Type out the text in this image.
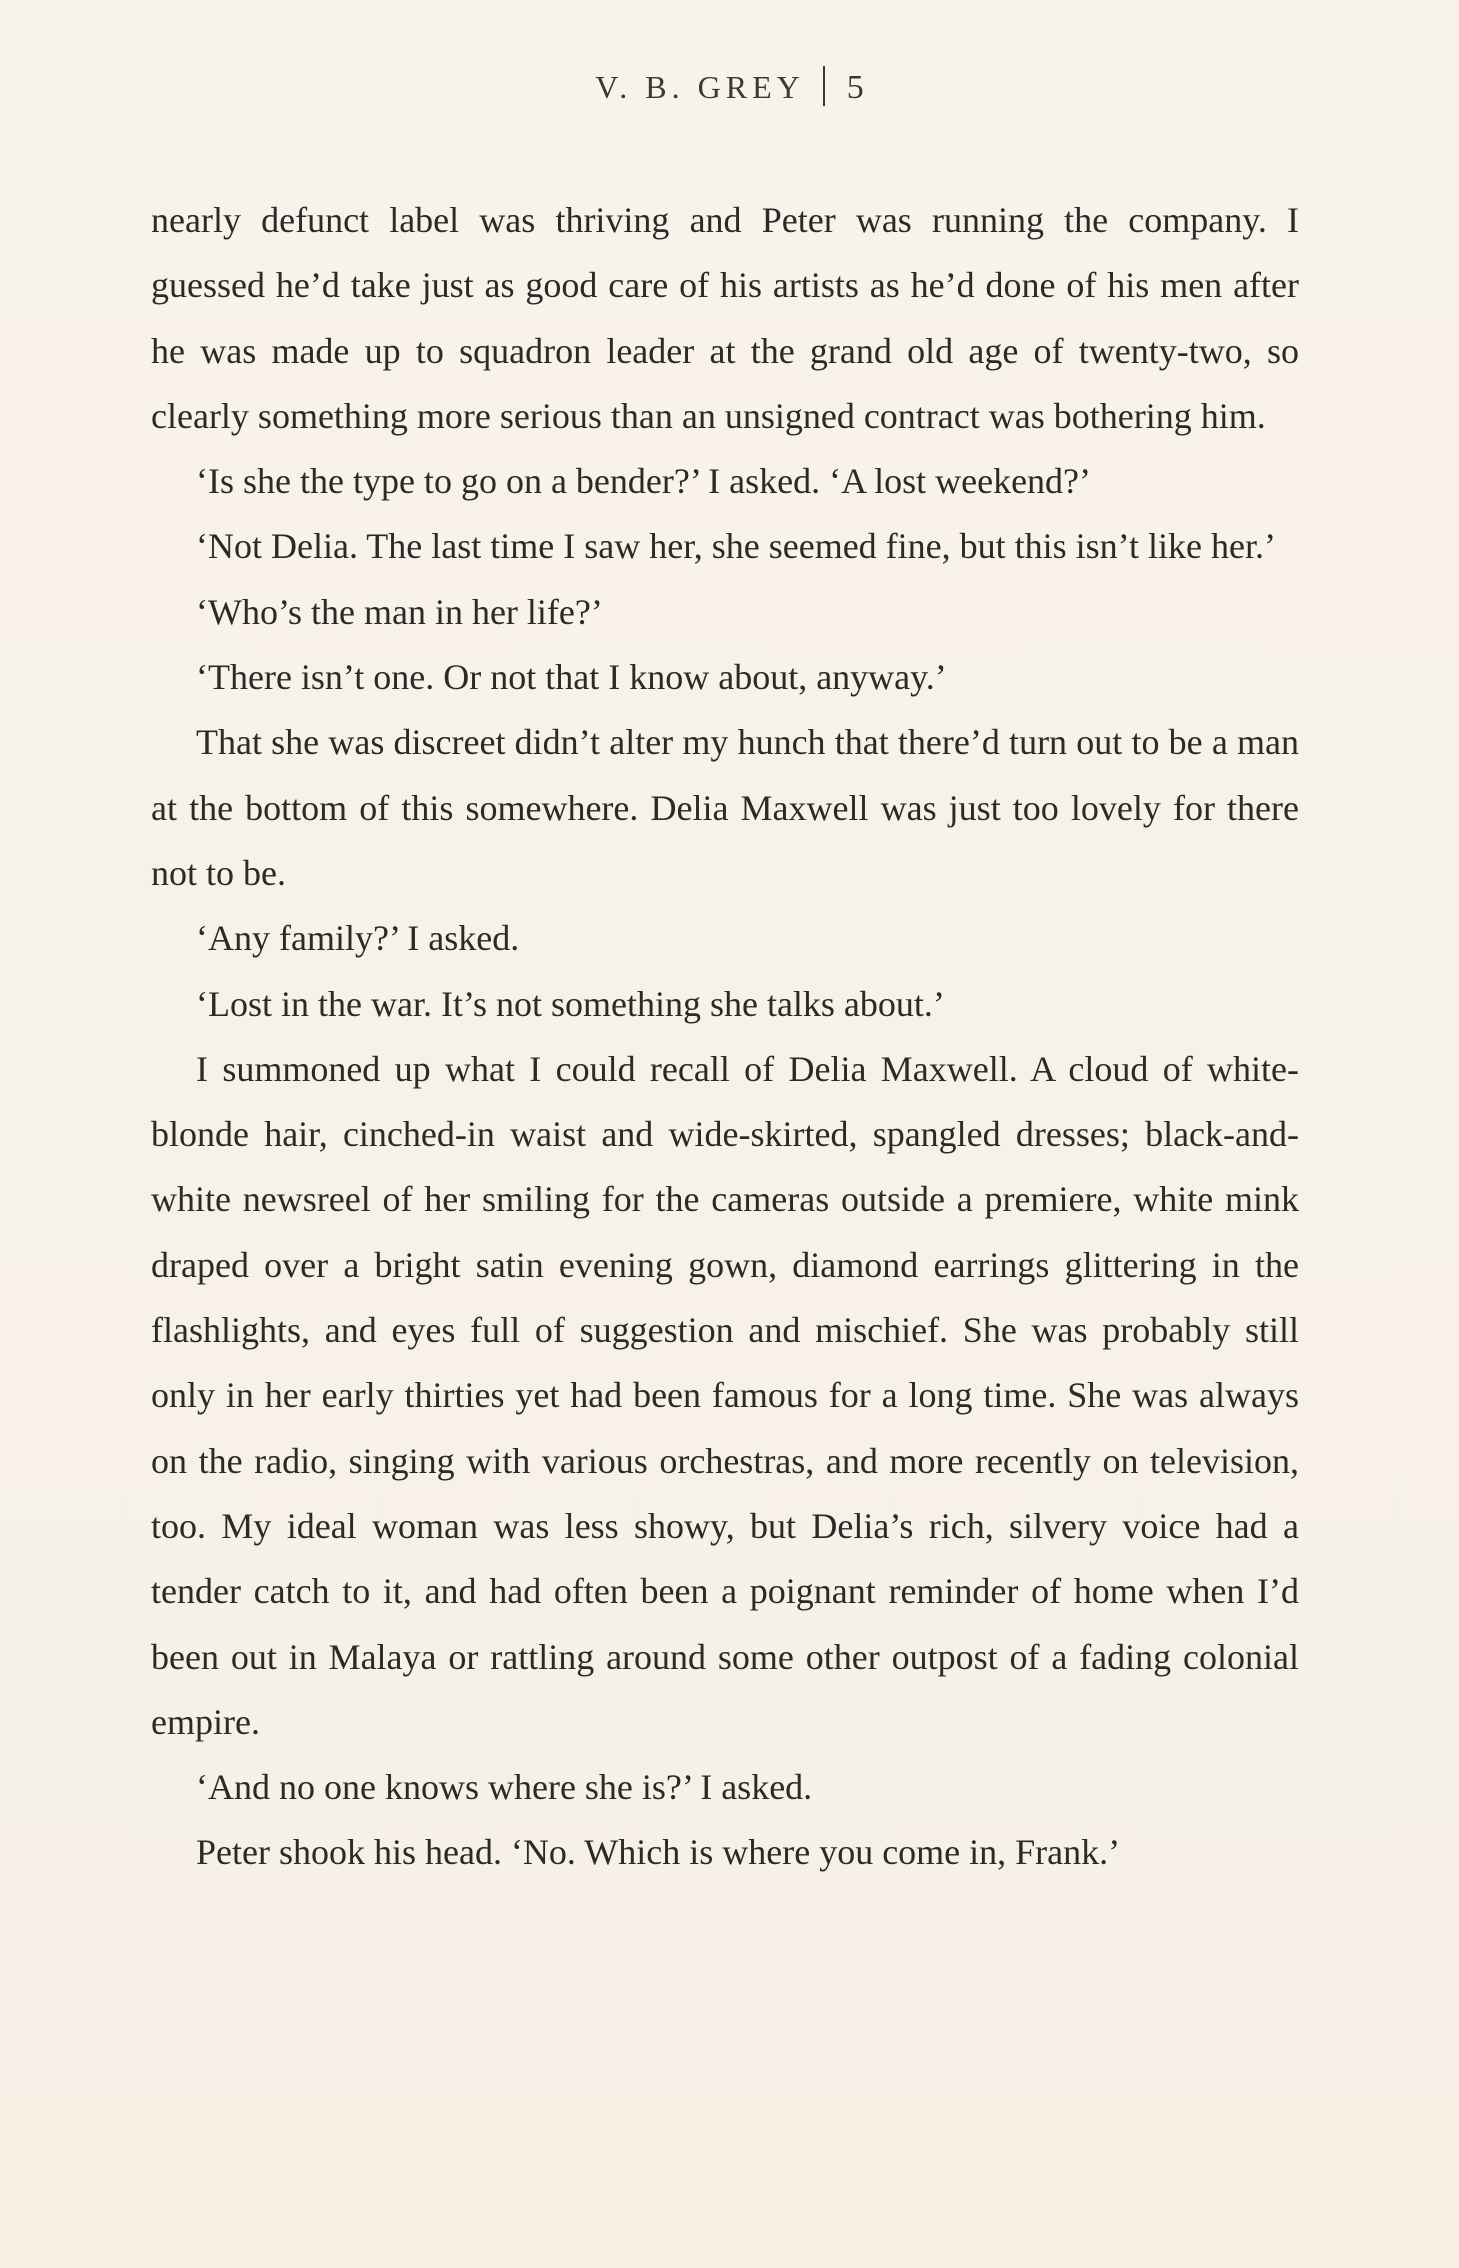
V. B. GREY 5

nearly defunct label was thriving and Peter was running the company. I guessed he’d take just as good care of his artists as he’d done of his men after he was made up to squadron leader at the grand old age of twenty-two, so clearly something more serious than an unsigned contract was bothering him.

‘Is she the type to go on a bender?’ I asked. ‘A lost weekend?’

‘Not Delia. The last time I saw her, she seemed fine, but this isn’t like her.’

‘Who’s the man in her life?’

‘There isn’t one. Or not that I know about, anyway.’

That she was discreet didn’t alter my hunch that there’d turn out to be a man at the bottom of this somewhere. Delia Maxwell was just too lovely for there not to be.

‘Any family?’ I asked.

‘Lost in the war. It’s not something she talks about.’

I summoned up what I could recall of Delia Maxwell. A cloud of white-blonde hair, cinched-in waist and wide-skirted, spangled dresses; black-and-white newsreel of her smiling for the cameras outside a premiere, white mink draped over a bright satin evening gown, diamond earrings glittering in the flashlights, and eyes full of suggestion and mischief. She was probably still only in her early thirties yet had been famous for a long time. She was always on the radio, singing with various orchestras, and more recently on television, too. My ideal woman was less showy, but Delia’s rich, silvery voice had a tender catch to it, and had often been a poignant reminder of home when I’d been out in Malaya or rattling around some other outpost of a fading colonial empire.

‘And no one knows where she is?’ I asked.

Peter shook his head. ‘No. Which is where you come in, Frank.’
